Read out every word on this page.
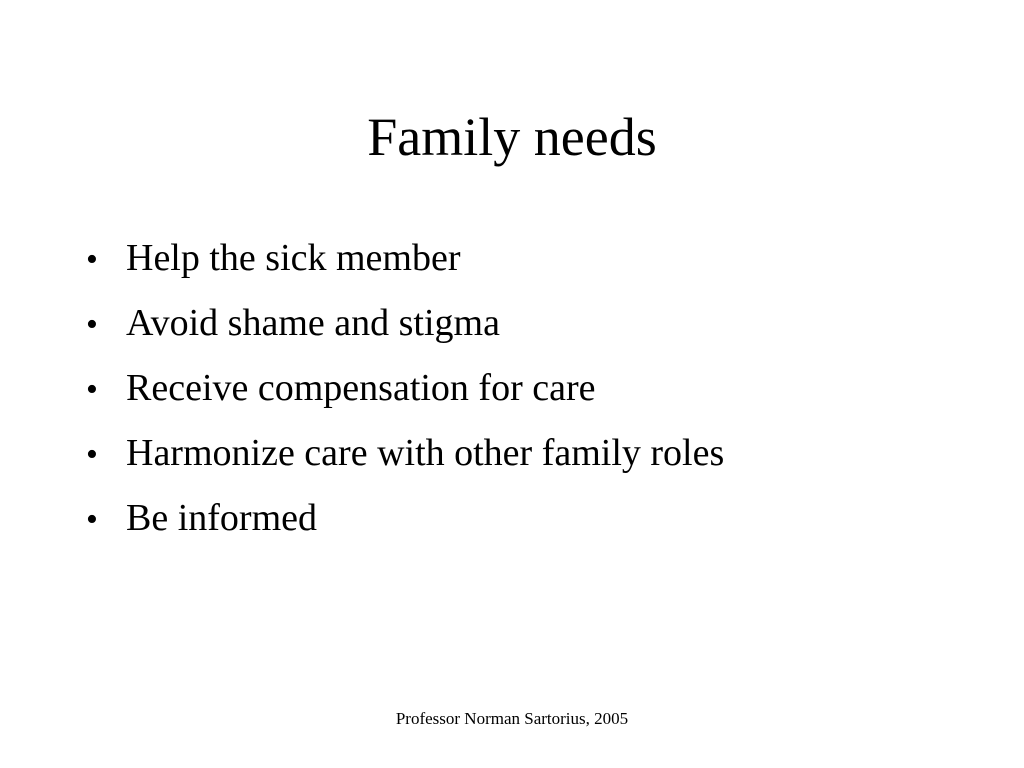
Family needs
• Help the sick member
• Avoid shame and stigma
• Receive compensation for care
• Harmonize care with other family roles
• Be informed
Professor Norman Sartorius, 2005
